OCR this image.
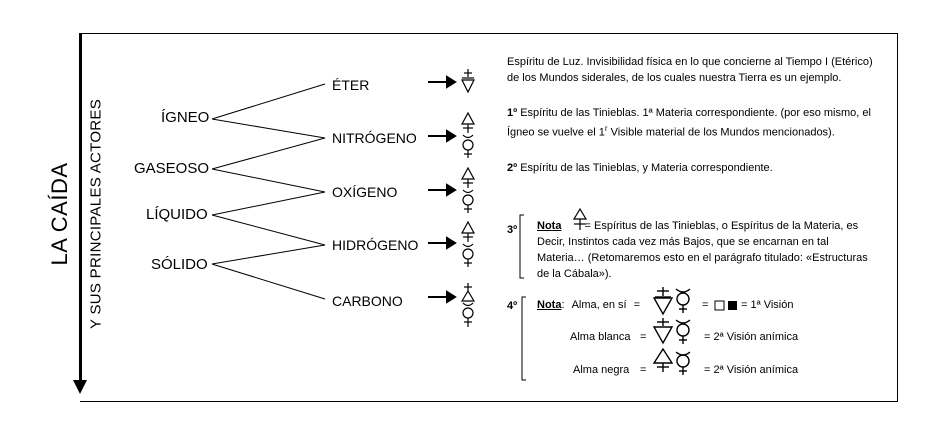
LA CAÍDA Y SUS PRINCIPALES ACTORES	ÍGNEO
GASEOSO
LÍQUIDO
SÓLIDO
ÉTER
NITRÓGENO
OXÍGENO
HIDRÓGENO
CARBONO
Espíritu de Luz. Invisibilidad física en lo que concierne al Tiempo I (Etérico)
de los Mundos siderales, de los cuales nuestra Tierra es un ejemplo.
1º Espíritu de las Tinieblas. 1ª Materia correspondiente. (por eso mismo, el
Ígneo se vuelve el 1$^r$ Visible material de los Mundos mencionados).
2º Espíritu de las Tinieblas, y Materia correspondiente.
3º Nota = Espíritus de las Tinieblas, o Espíritus de la Materia, es
Decir, Instintos cada vez más Bajos, que se encarnan en tal
Materia… (Retomaremos esto en el parágrafo titulado: «Estructuras
de la Cábala»).
4º Nota: Alma, en sí =	=	= 1ª Visión
Alma blanca =	= 2ª Visión anímica
Alma negra =	= 2ª Visión anímica
